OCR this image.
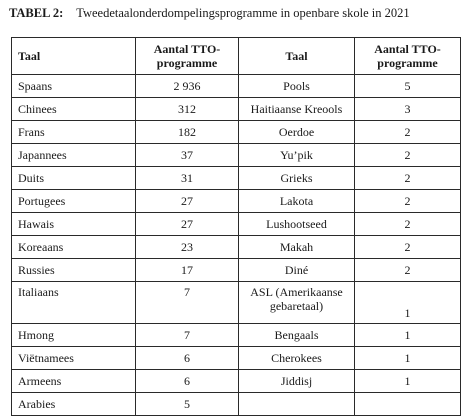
TABEL 2: Tweedetaalonderdompelingsprogramme in openbare skole in 2021
Taal	Aantal TTO-programme	Taal	Aantal TTO-programme
Spaans	2 936	Pools	5
Chinees	312	Haitiaanse Kreools	3
Frans	182	Oerdoe	2
Japannees	37	Yu’pik	2
Duits	31	Grieks	2
Portugees	27	Lakota	2
Hawais	27	Lushootseed	2
Koreaans	23	Makah	2
Russies	17	Diné	2
Italiaans	7	ASL (Amerikaanse gebaretaal)	1
Hmong	7	Bengaals	1
Viëtnamees	6	Cherokees	1
Armeens	6	Jiddisj	1
Arabies	5		
